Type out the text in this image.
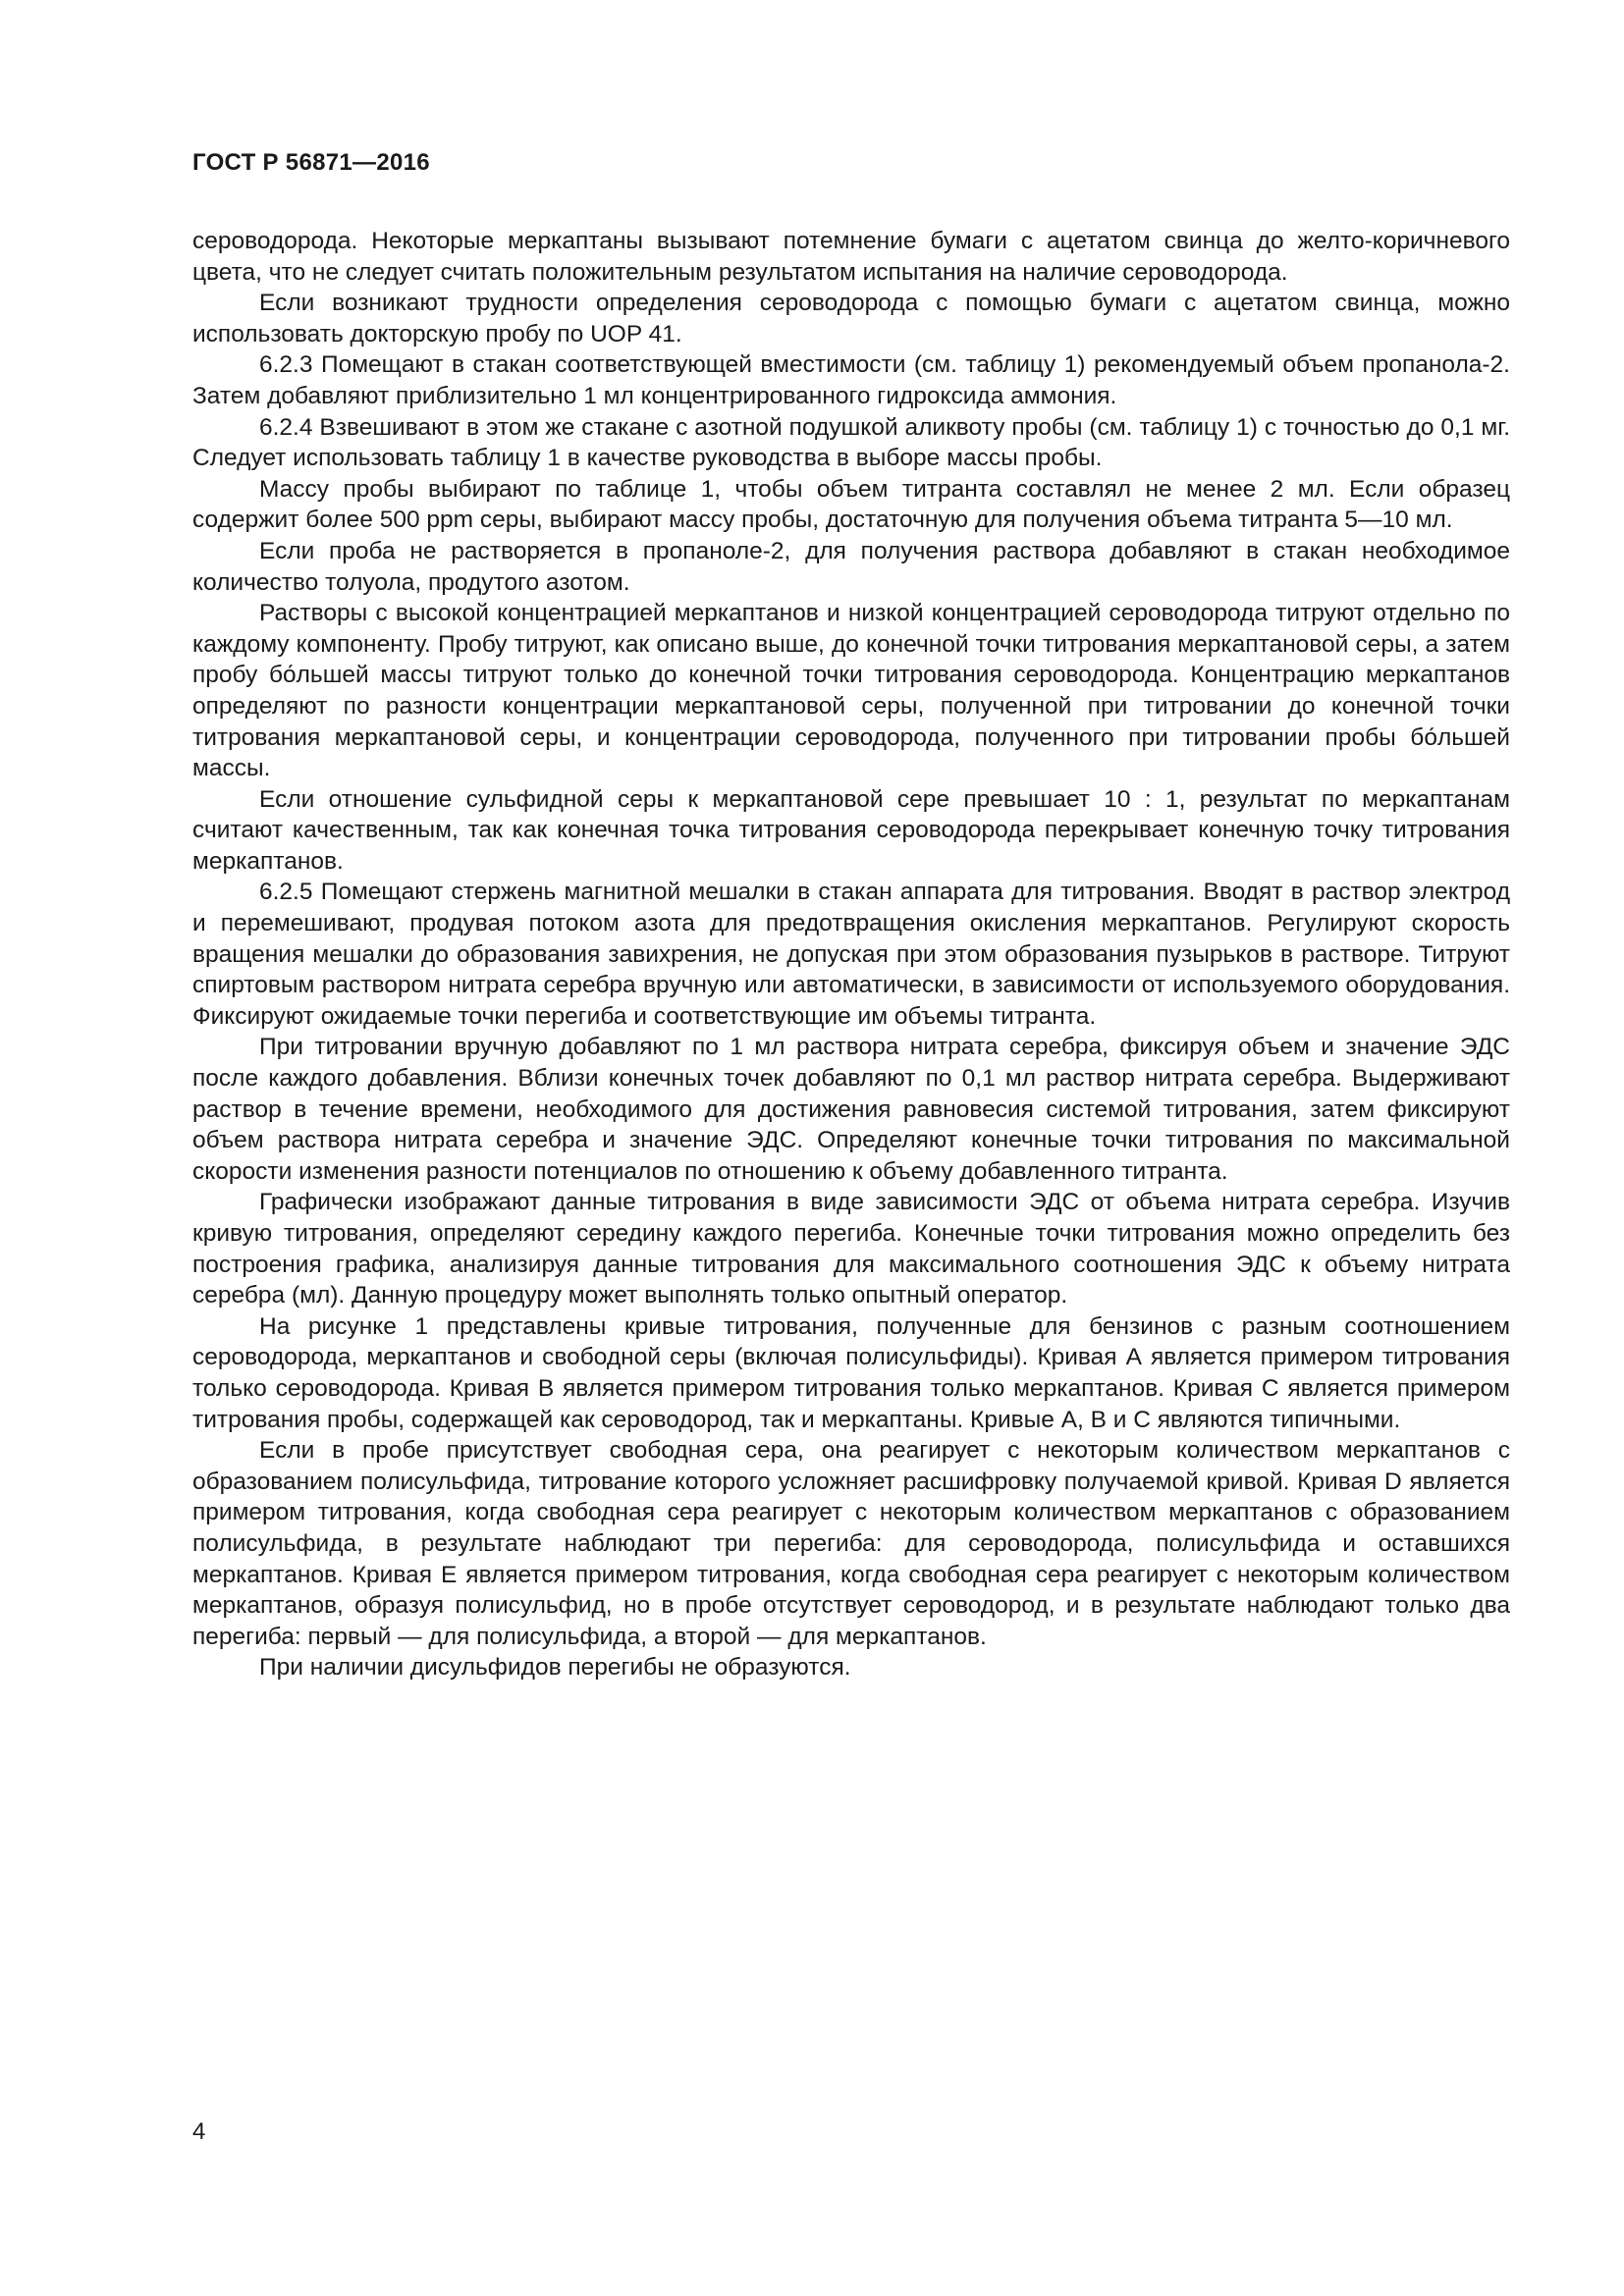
ГОСТ Р 56871—2016

сероводорода. Некоторые меркаптаны вызывают потемнение бумаги с ацетатом свинца до желто-коричневого цвета, что не следует считать положительным результатом испытания на наличие сероводорода.

Если возникают трудности определения сероводорода с помощью бумаги с ацетатом свинца, можно использовать докторскую пробу по UOP 41.

6.2.3 Помещают в стакан соответствующей вместимости (см. таблицу 1) рекомендуемый объем пропанола-2. Затем добавляют приблизительно 1 мл концентрированного гидроксида аммония.

6.2.4 Взвешивают в этом же стакане с азотной подушкой аликвоту пробы (см. таблицу 1) с точностью до 0,1 мг. Следует использовать таблицу 1 в качестве руководства в выборе массы пробы.

Массу пробы выбирают по таблице 1, чтобы объем титранта составлял не менее 2 мл. Если образец содержит более 500 ppm серы, выбирают массу пробы, достаточную для получения объема титранта 5—10 мл.

Если проба не растворяется в пропаноле-2, для получения раствора добавляют в стакан необходимое количество толуола, продутого азотом.

Растворы с высокой концентрацией меркаптанов и низкой концентрацией сероводорода титруют отдельно по каждому компоненту. Пробу титруют, как описано выше, до конечной точки титрования меркаптановой серы, а затем пробу бо́льшей массы титруют только до конечной точки титрования сероводорода. Концентрацию меркаптанов определяют по разности концентрации меркаптановой серы, полученной при титровании до конечной точки титрования меркаптановой серы, и концентрации сероводорода, полученного при титровании пробы бо́льшей массы.

Если отношение сульфидной серы к меркаптановой сере превышает 10 : 1, результат по меркаптанам считают качественным, так как конечная точка титрования сероводорода перекрывает конечную точку титрования меркаптанов.

6.2.5 Помещают стержень магнитной мешалки в стакан аппарата для титрования. Вводят в раствор электрод и перемешивают, продувая потоком азота для предотвращения окисления меркаптанов. Регулируют скорость вращения мешалки до образования завихрения, не допуская при этом образования пузырьков в растворе. Титруют спиртовым раствором нитрата серебра вручную или автоматически, в зависимости от используемого оборудования. Фиксируют ожидаемые точки перегиба и соответствующие им объемы титранта.

При титровании вручную добавляют по 1 мл раствора нитрата серебра, фиксируя объем и значение ЭДС после каждого добавления. Вблизи конечных точек добавляют по 0,1 мл раствор нитрата серебра. Выдерживают раствор в течение времени, необходимого для достижения равновесия системой титрования, затем фиксируют объем раствора нитрата серебра и значение ЭДС. Определяют конечные точки титрования по максимальной скорости изменения разности потенциалов по отношению к объему добавленного титранта.

Графически изображают данные титрования в виде зависимости ЭДС от объема нитрата серебра. Изучив кривую титрования, определяют середину каждого перегиба. Конечные точки титрования можно определить без построения графика, анализируя данные титрования для максимального соотношения ЭДС к объему нитрата серебра (мл). Данную процедуру может выполнять только опытный оператор.

На рисунке 1 представлены кривые титрования, полученные для бензинов с разным соотношением сероводорода, меркаптанов и свободной серы (включая полисульфиды). Кривая А является примером титрования только сероводорода. Кривая В является примером титрования только меркаптанов. Кривая С является примером титрования пробы, содержащей как сероводород, так и меркаптаны. Кривые А, В и С являются типичными.

Если в пробе присутствует свободная сера, она реагирует с некоторым количеством меркаптанов с образованием полисульфида, титрование которого усложняет расшифровку получаемой кривой. Кривая D является примером титрования, когда свободная сера реагирует с некоторым количеством меркаптанов с образованием полисульфида, в результате наблюдают три перегиба: для сероводорода, полисульфида и оставшихся меркаптанов. Кривая Е является примером титрования, когда свободная сера реагирует с некоторым количеством меркаптанов, образуя полисульфид, но в пробе отсутствует сероводород, и в результате наблюдают только два перегиба: первый — для полисульфида, а второй — для меркаптанов.

При наличии дисульфидов перегибы не образуются.

4
